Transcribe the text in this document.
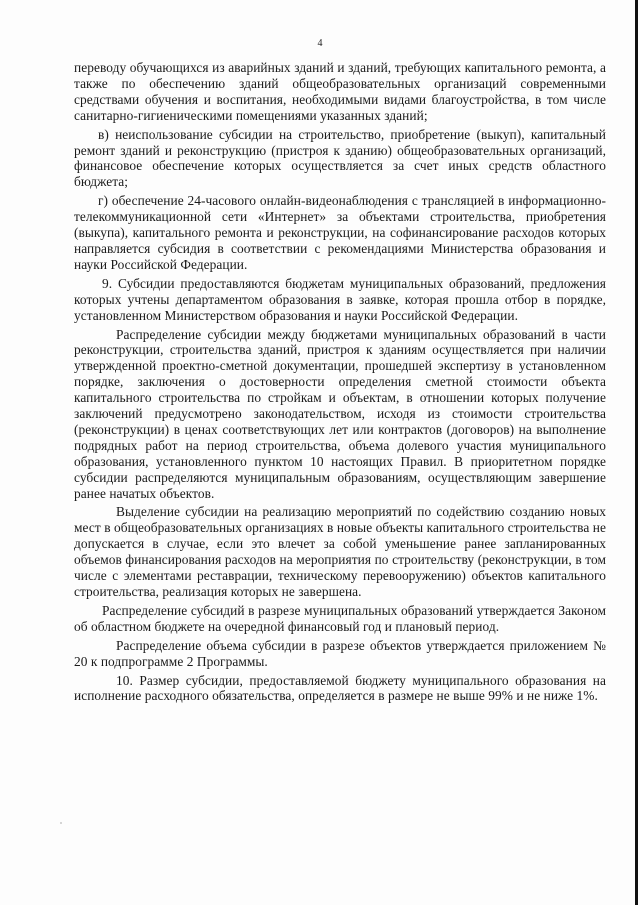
4

переводу обучающихся из аварийных зданий и зданий, требующих капитального ремонта, а также по обеспечению зданий общеобразовательных организаций современными средствами обучения и воспитания, необходимыми видами благоустройства, в том числе санитарно-гигиеническими помещениями указанных зданий;

в) неиспользование субсидии на строительство, приобретение (выкуп), капитальный ремонт зданий и реконструкцию (пристроя к зданию) общеобразовательных организаций, финансовое обеспечение которых осуществляется за счет иных средств областного бюджета;

г) обеспечение 24-часового онлайн-видеонаблюдения с трансляцией в информационно-телекоммуникационной сети «Интернет» за объектами строительства, приобретения (выкупа), капитального ремонта и реконструкции, на софинансирование расходов которых направляется субсидия в соответствии с рекомендациями Министерства образования и науки Российской Федерации.

9. Субсидии предоставляются бюджетам муниципальных образований, предложения которых учтены департаментом образования в заявке, которая прошла отбор в порядке, установленном Министерством образования и науки Российской Федерации.

Распределение субсидии между бюджетами муниципальных образований в части реконструкции, строительства зданий, пристроя к зданиям осуществляется при наличии утвержденной проектно-сметной документации, прошедшей экспертизу в установленном порядке, заключения о достоверности определения сметной стоимости объекта капитального строительства по стройкам и объектам, в отношении которых получение заключений предусмотрено законодательством, исходя из стоимости строительства (реконструкции) в ценах соответствующих лет или контрактов (договоров) на выполнение подрядных работ на период строительства, объема долевого участия муниципального образования, установленного пунктом 10 настоящих Правил. В приоритетном порядке субсидии распределяются муниципальным образованиям, осуществляющим завершение ранее начатых объектов.

Выделение субсидии на реализацию мероприятий по содействию созданию новых мест в общеобразовательных организациях в новые объекты капитального строительства не допускается в случае, если это влечет за собой уменьшение ранее запланированных объемов финансирования расходов на мероприятия по строительству (реконструкции, в том числе с элементами реставрации, техническому перевооружению) объектов капитального строительства, реализация которых не завершена.

Распределение субсидий в разрезе муниципальных образований утверждается Законом об областном бюджете на очередной финансовый год и плановый период.

Распределение объема субсидии в разрезе объектов утверждается приложением № 20 к подпрограмме 2 Программы.

10. Размер субсидии, предоставляемой бюджету муниципального образования на исполнение расходного обязательства, определяется в размере не выше 99% и не ниже 1%.
